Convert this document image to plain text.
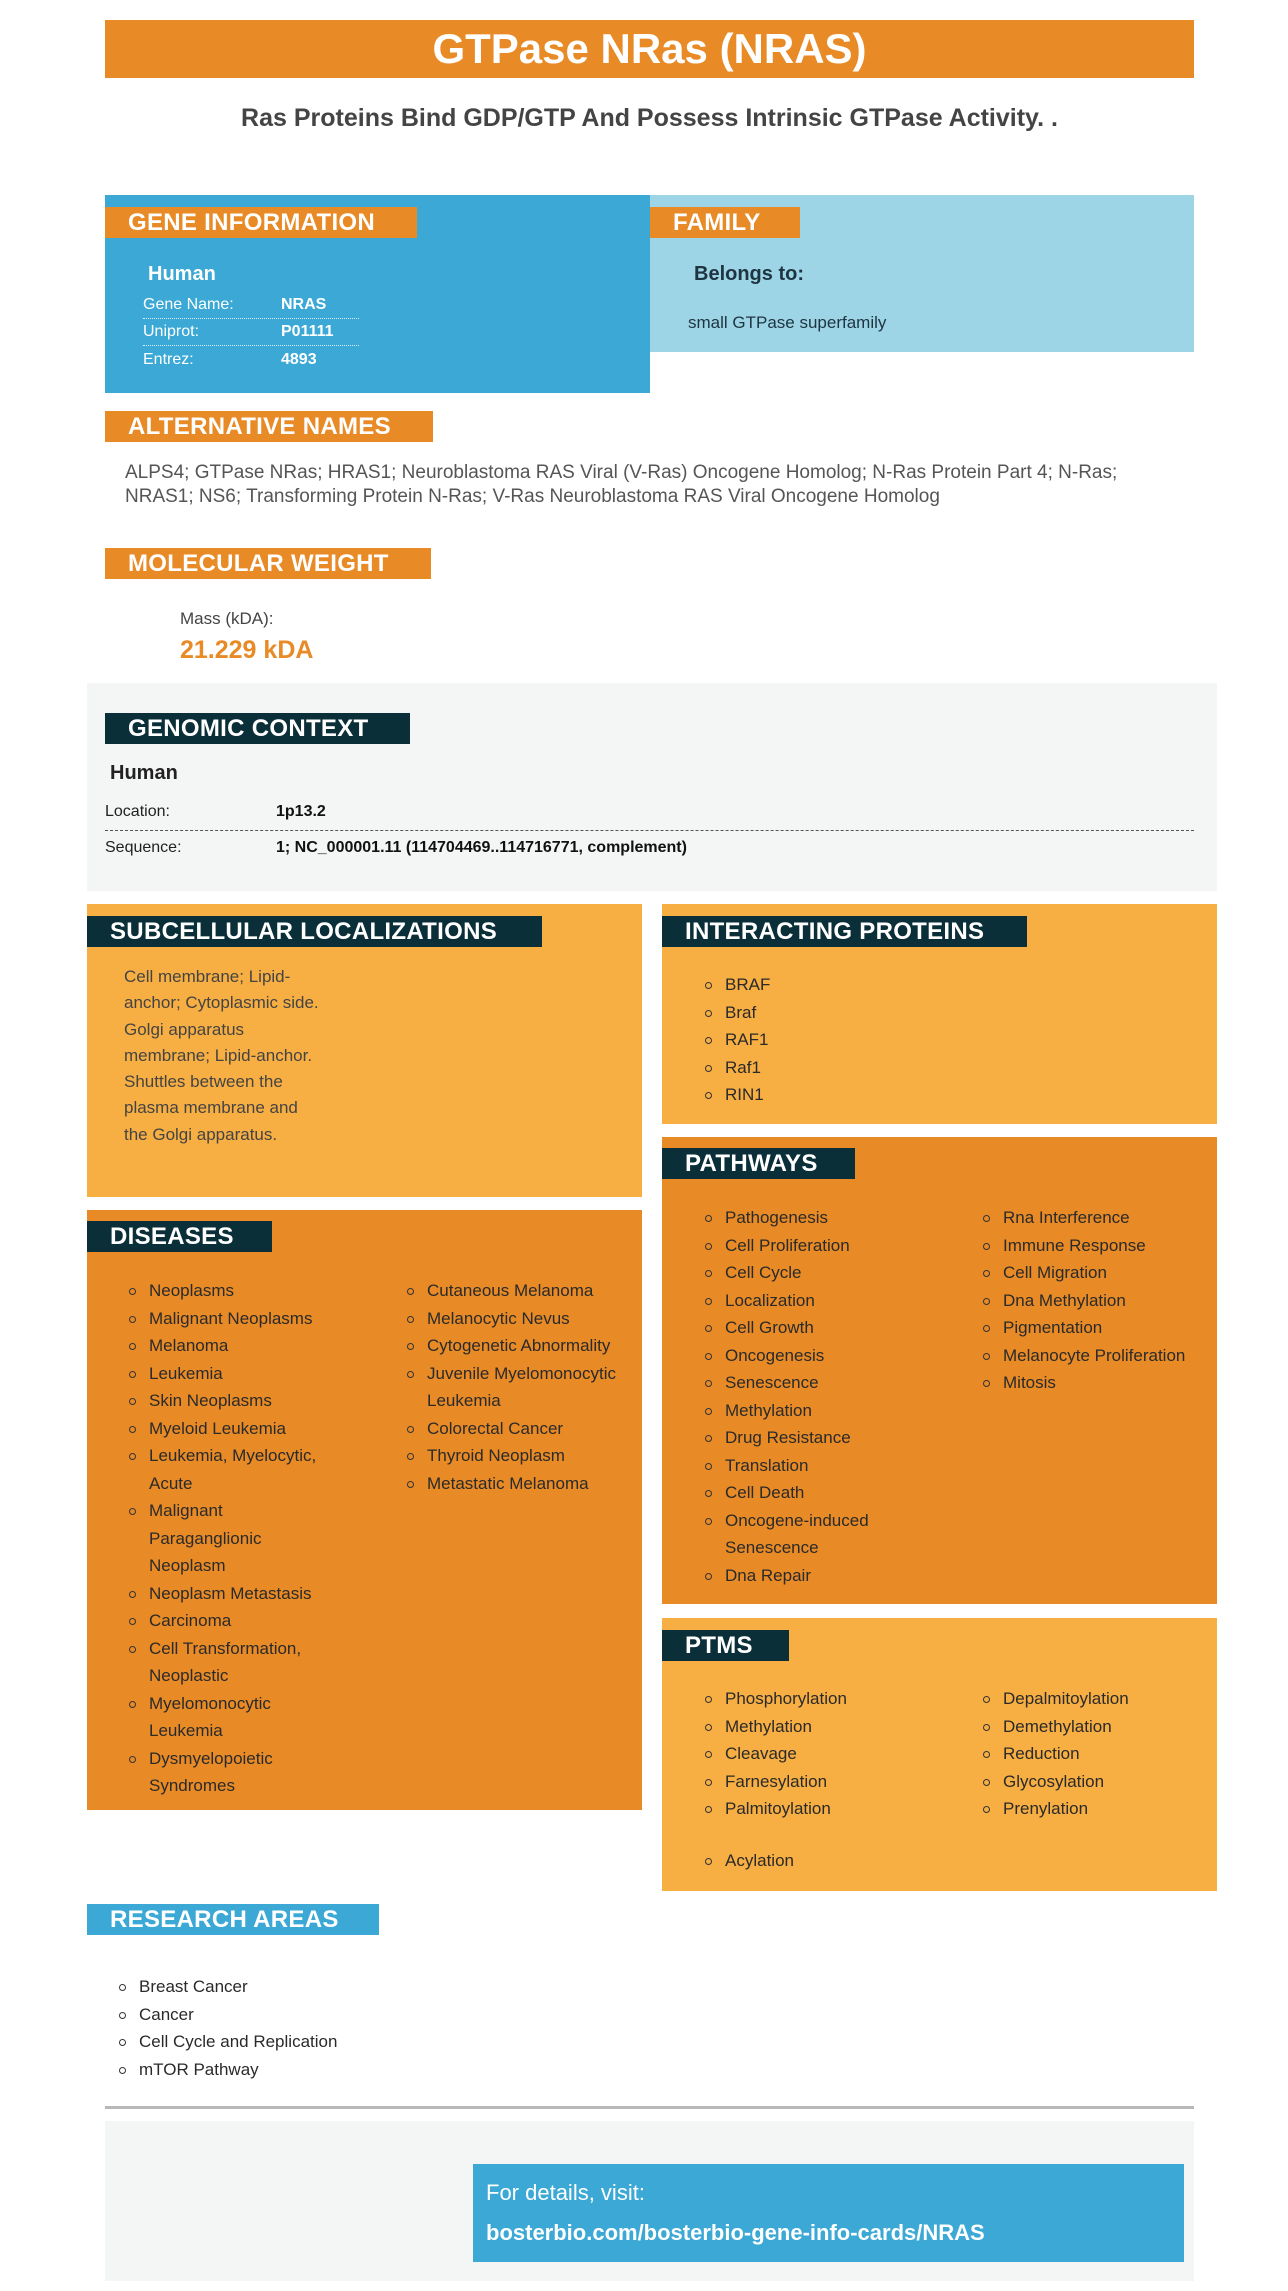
GTPase NRas (NRAS)
Ras Proteins Bind GDP/GTP And Possess Intrinsic GTPase Activity. .
GENE INFORMATION
Human
Gene Name:	NRAS
Uniprot:	P01111
Entrez:	4893
FAMILY
Belongs to:
small GTPase superfamily
ALTERNATIVE NAMES
ALPS4; GTPase NRas; HRAS1; Neuroblastoma RAS Viral (V-Ras) Oncogene Homolog; N-Ras Protein Part 4; N-Ras; NRAS1; NS6; Transforming Protein N-Ras; V-Ras Neuroblastoma RAS Viral Oncogene Homolog
MOLECULAR WEIGHT
Mass (kDA):
21.229 kDA
GENOMIC CONTEXT
Human
Location:	1p13.2
Sequence:	1; NC_000001.11 (114704469..114716771, complement)
SUBCELLULAR LOCALIZATIONS
Cell membrane; Lipid-
anchor; Cytoplasmic side.
Golgi apparatus
membrane; Lipid-anchor.
Shuttles between the
plasma membrane and
the Golgi apparatus.
INTERACTING PROTEINS
BRAF
Braf
RAF1
Raf1
RIN1
DISEASES
Neoplasms
Malignant Neoplasms
Melanoma
Leukemia
Skin Neoplasms
Myeloid Leukemia
Leukemia, Myelocytic, Acute
Malignant Paraganglionic Neoplasm
Neoplasm Metastasis
Carcinoma
Cell Transformation, Neoplastic
Myelomonocytic Leukemia
Dysmyelopoietic Syndromes
Cutaneous Melanoma
Melanocytic Nevus
Cytogenetic Abnormality
Juvenile Myelomonocytic Leukemia
Colorectal Cancer
Thyroid Neoplasm
Metastatic Melanoma
PATHWAYS
Pathogenesis
Cell Proliferation
Cell Cycle
Localization
Cell Growth
Oncogenesis
Senescence
Methylation
Drug Resistance
Translation
Cell Death
Oncogene-induced Senescence
Dna Repair
Rna Interference
Immune Response
Cell Migration
Dna Methylation
Pigmentation
Melanocyte Proliferation
Mitosis
PTMS
Phosphorylation
Methylation
Cleavage
Farnesylation
Palmitoylation
Depalmitoylation
Demethylation
Reduction
Glycosylation
Prenylation
Acylation
RESEARCH AREAS
Breast Cancer
Cancer
Cell Cycle and Replication
mTOR Pathway
For details, visit:
bosterbio.com/bosterbio-gene-info-cards/NRAS
